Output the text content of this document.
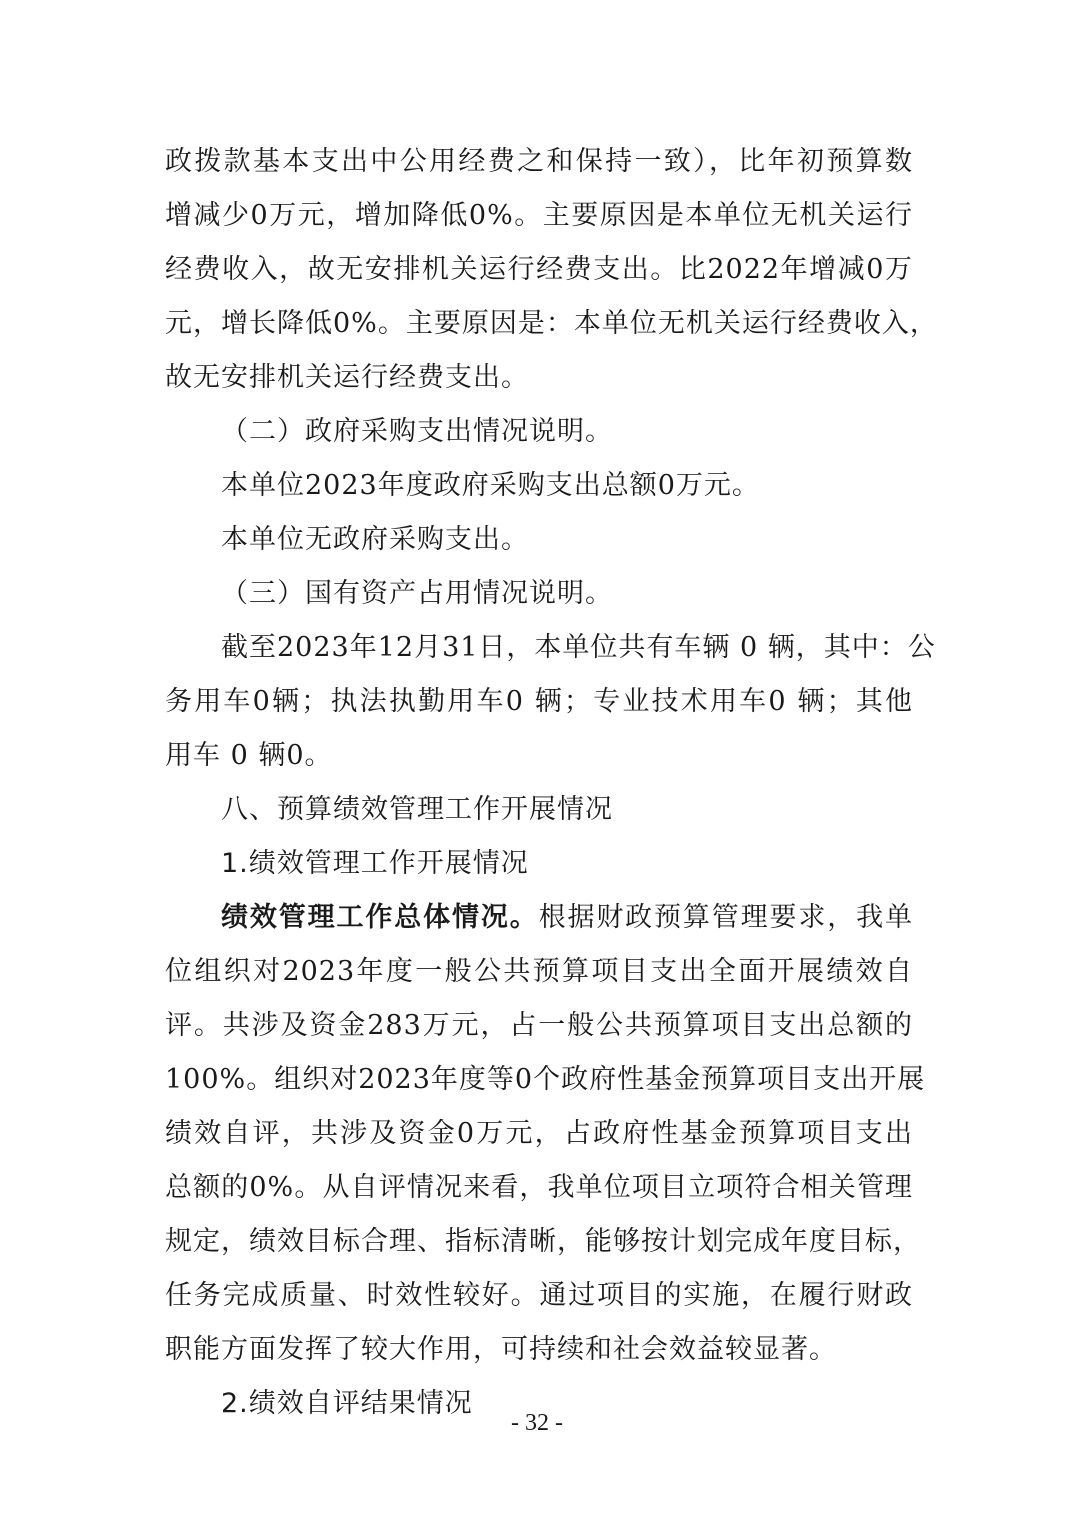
政拨款基本支出中公用经费之和保持一致），比年初预算数
增减少0万元，增加降低0%。主要原因是本单位无机关运行
经费收入，故无安排机关运行经费支出。比2022年增减0万
元，增长降低0%。主要原因是：本单位无机关运行经费收入，
故无安排机关运行经费支出。
（二）政府采购支出情况说明。
本单位2023年度政府采购支出总额0万元。
本单位无政府采购支出。
（三）国有资产占用情况说明。
截至2023年12月31日，本单位共有车辆 0 辆，其中：公
务用车0辆；执法执勤用车0 辆；专业技术用车0 辆；其他
用车 0 辆0。
八、预算绩效管理工作开展情况
1.绩效管理工作开展情况
绩效管理工作总体情况。根据财政预算管理要求，我单
位组织对2023年度一般公共预算项目支出全面开展绩效自
评。共涉及资金283万元，占一般公共预算项目支出总额的
100%。组织对2023年度等0个政府性基金预算项目支出开展
绩效自评，共涉及资金0万元，占政府性基金预算项目支出
总额的0%。从自评情况来看，我单位项目立项符合相关管理
规定，绩效目标合理、指标清晰，能够按计划完成年度目标，
任务完成质量、时效性较好。通过项目的实施，在履行财政
职能方面发挥了较大作用，可持续和社会效益较显著。
2.绩效自评结果情况
- 32 -
